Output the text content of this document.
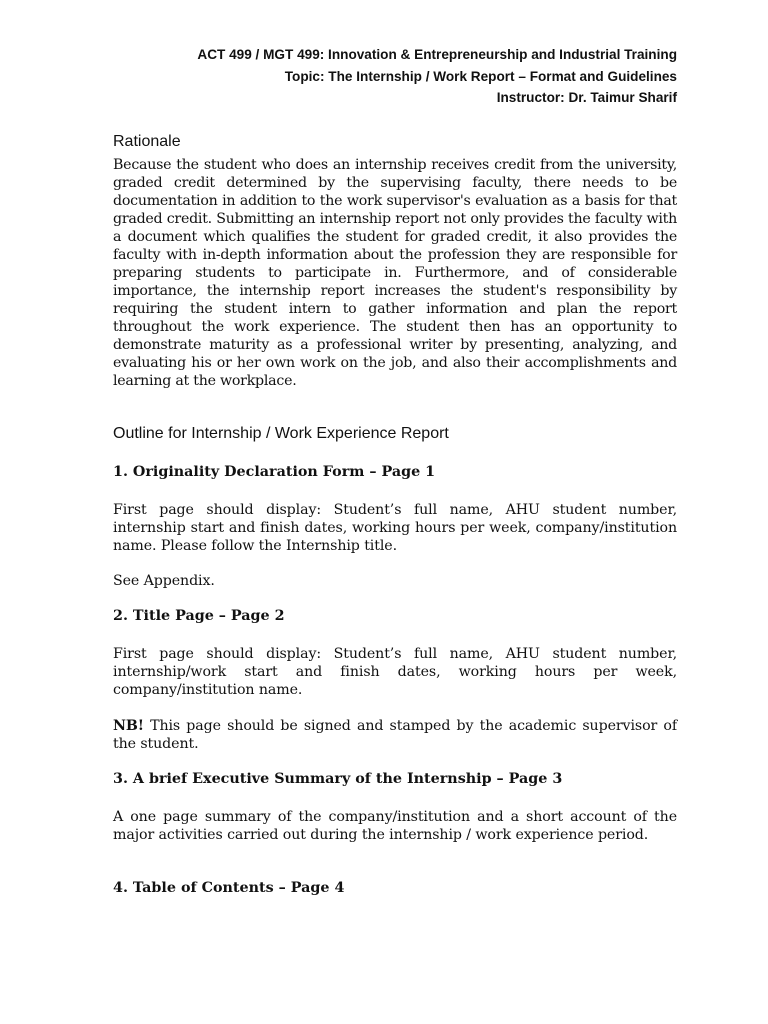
ACT 499 / MGT 499: Innovation & Entrepreneurship and Industrial Training
Topic: The Internship / Work Report – Format and Guidelines
Instructor: Dr. Taimur Sharif
Rationale
Because the student who does an internship receives credit from the university, graded credit determined by the supervising faculty, there needs to be documentation in addition to the work supervisor's evaluation as a basis for that graded credit. Submitting an internship report not only provides the faculty with a document which qualifies the student for graded credit, it also provides the faculty with in-depth information about the profession they are responsible for preparing students to participate in. Furthermore, and of considerable importance, the internship report increases the student's responsibility by requiring the student intern to gather information and plan the report throughout the work experience. The student then has an opportunity to demonstrate maturity as a professional writer by presenting, analyzing, and evaluating his or her own work on the job, and also their accomplishments and learning at the workplace.
Outline for Internship / Work Experience Report
1. Originality Declaration Form – Page 1
First page should display: Student’s full name, AHU student number, internship start and finish dates, working hours per week, company/institution name. Please follow the Internship title.
See Appendix.
2. Title Page – Page 2
First page should display: Student’s full name, AHU student number, internship/work start and finish dates, working hours per week, company/institution name.
NB! This page should be signed and stamped by the academic supervisor of the student.
3. A brief Executive Summary of the Internship – Page 3
A one page summary of the company/institution and a short account of the major activities carried out during the internship / work experience period.
4. Table of Contents – Page 4
